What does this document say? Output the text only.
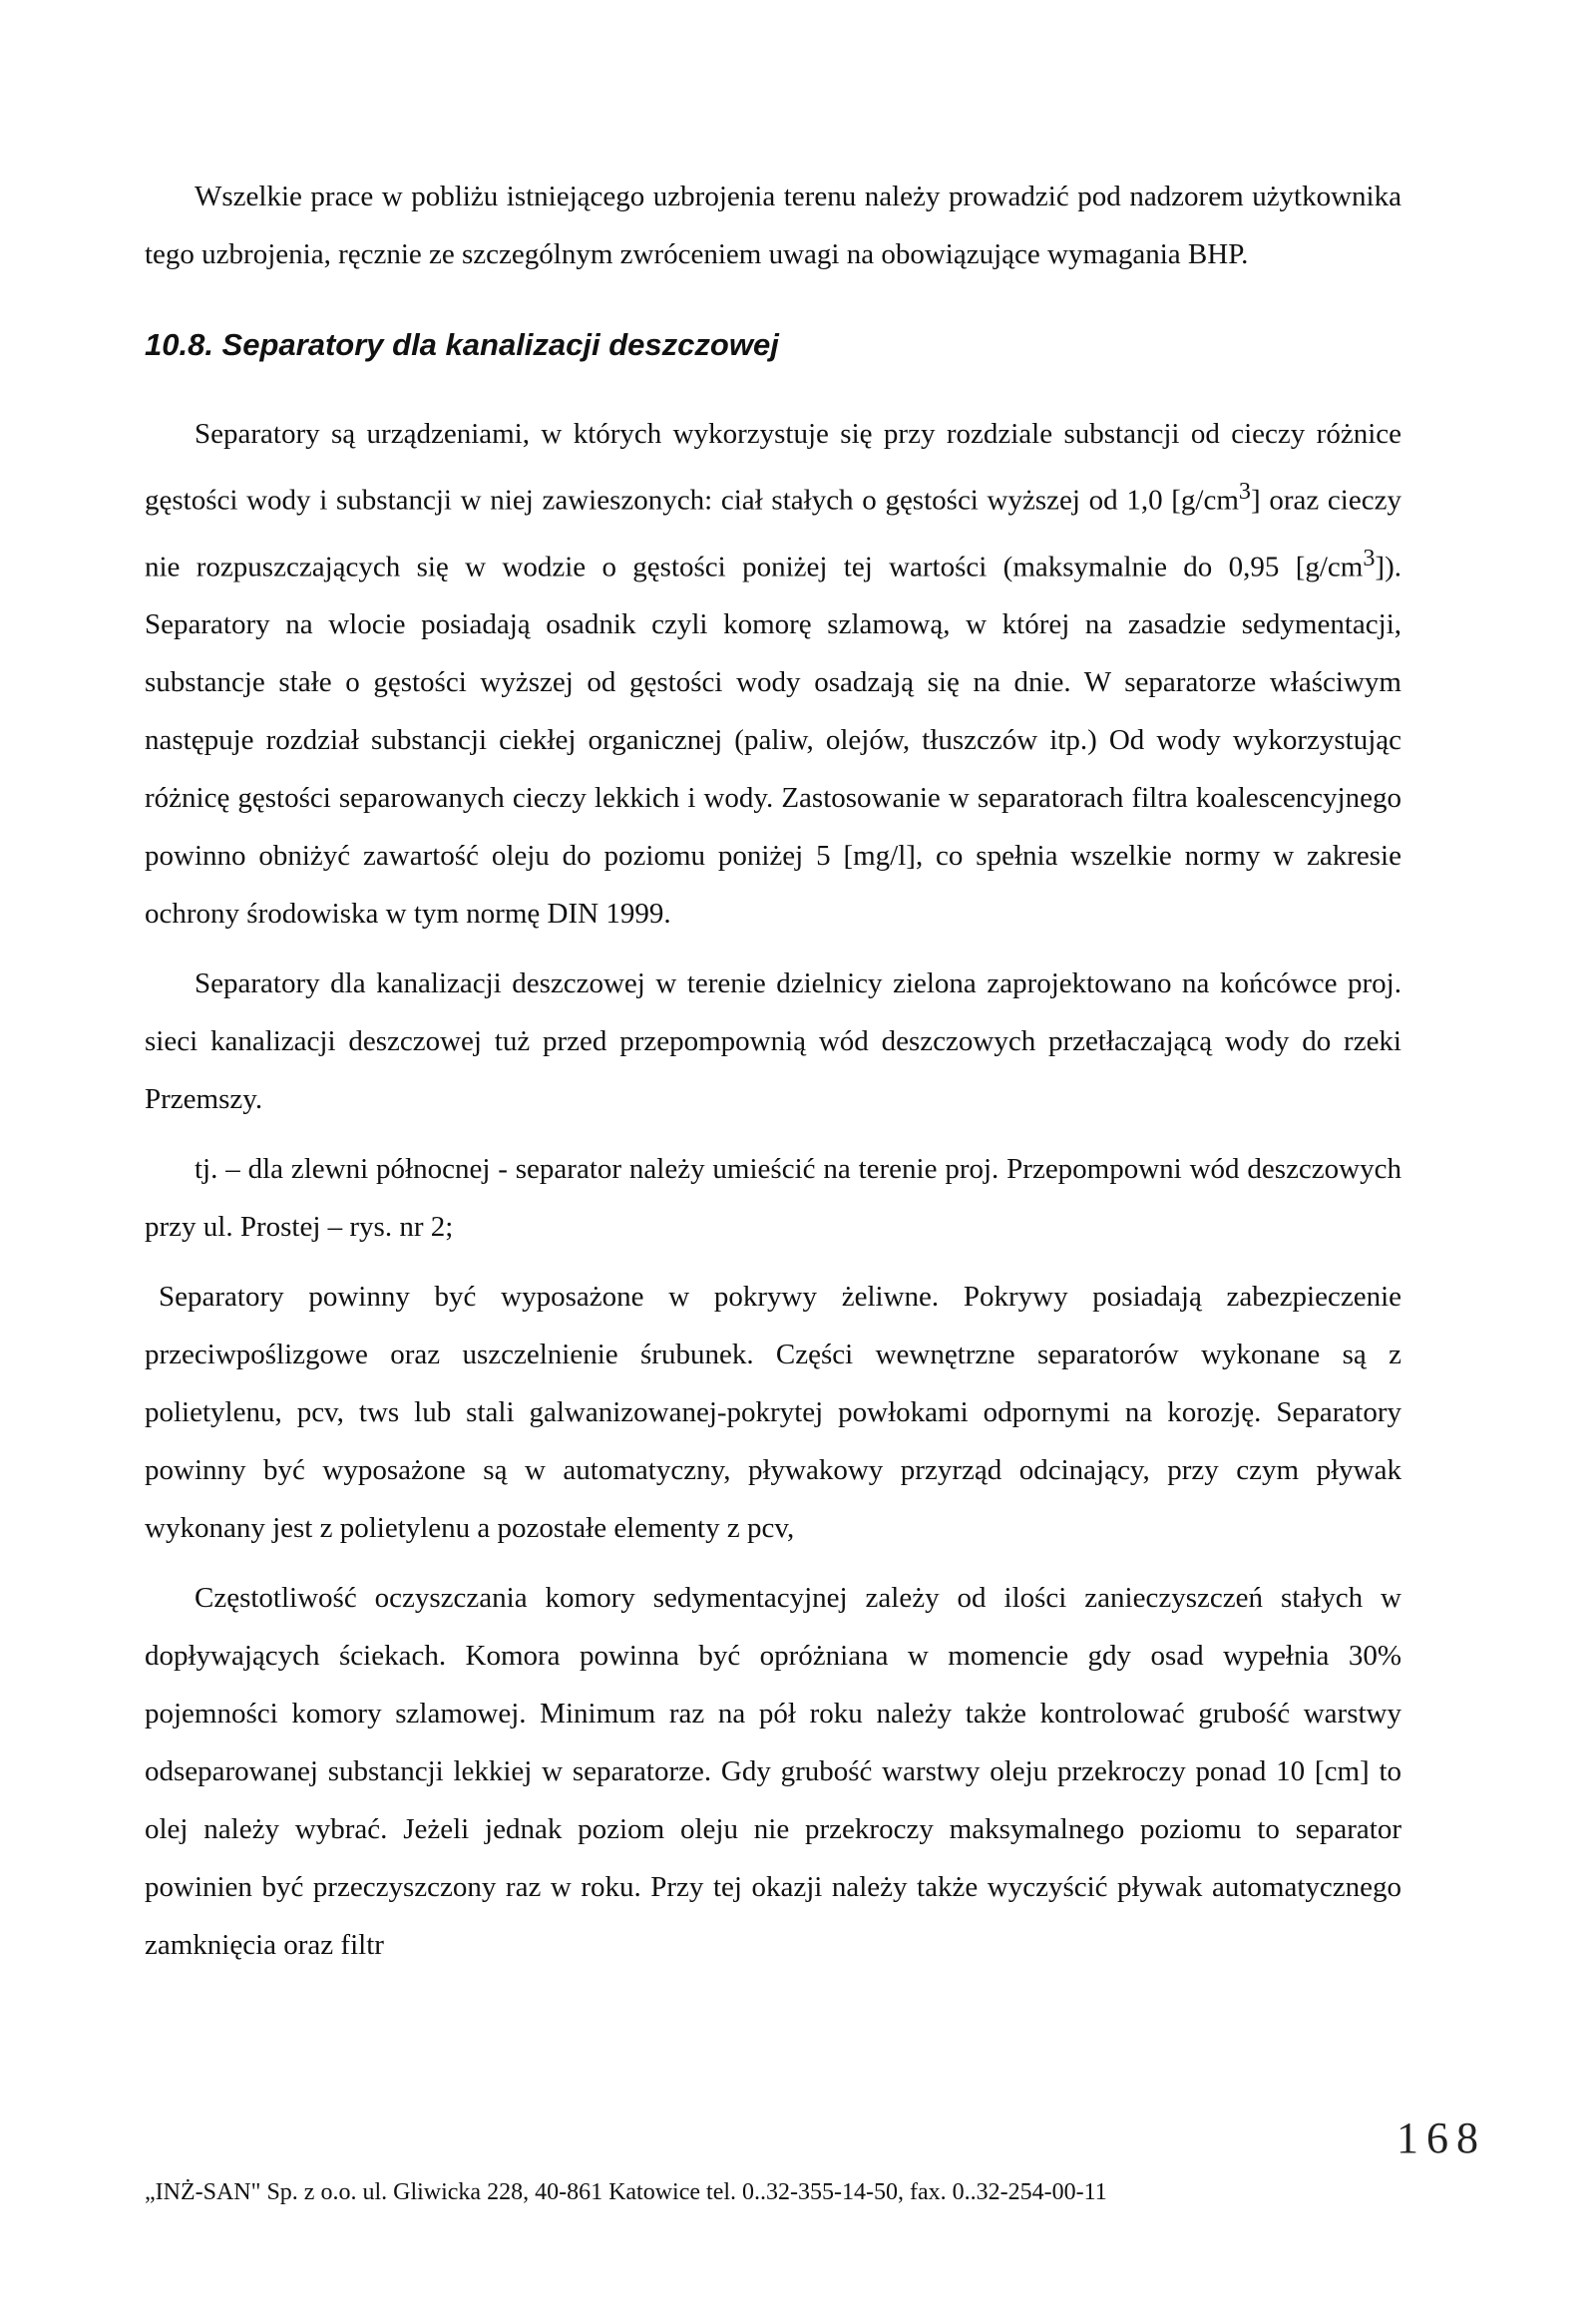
Wszelkie prace w pobliżu istniejącego uzbrojenia terenu należy prowadzić pod nadzorem użytkownika tego uzbrojenia, ręcznie ze szczególnym zwróceniem uwagi na obowiązujące wymagania BHP.

10.8. Separatory dla kanalizacji deszczowej

Separatory są urządzeniami, w których wykorzystuje się przy rozdziale substancji od cieczy różnice gęstości wody i substancji w niej zawieszonych: ciał stałych o gęstości wyższej od 1,0 $[g/cm^3]$ oraz cieczy nie rozpuszczających się w wodzie o gęstości poniżej tej wartości (maksymalnie do 0,95 $[g/cm^3]$). Separatory na wlocie posiadają osadnik czyli komorę szlamową, w której na zasadzie sedymentacji, substancje stałe o gęstości wyższej od gęstości wody osadzają się na dnie. W separatorze właściwym następuje rozdział substancji ciekłej organicznej (paliw, olejów, tłuszczów itp.) Od wody wykorzystując różnicę gęstości separowanych cieczy lekkich i wody. Zastosowanie w separatorach filtra koalescencyjnego powinno obniżyć zawartość oleju do poziomu poniżej 5 [mg/l], co spełnia wszelkie normy w zakresie ochrony środowiska w tym normę DIN 1999.

Separatory dla kanalizacji deszczowej w terenie dzielnicy zielona zaprojektowano na końcówce proj. sieci kanalizacji deszczowej tuż przed przepompownią wód deszczowych przetłaczającą wody do rzeki Przemszy.

tj. – dla zlewni północnej - separator należy umieścić na terenie proj. Przepompowni wód deszczowych przy ul. Prostej – rys. nr 2;

Separatory powinny być wyposażone w pokrywy żeliwne. Pokrywy posiadają zabezpieczenie przeciwpoślizgowe oraz uszczelnienie śrubunek. Części wewnętrzne separatorów wykonane są z polietylenu, pcv, tws lub stali galwanizowanej-pokrytej powłokami odpornymi na korozję. Separatory powinny być wyposażone są w automatyczny, pływakowy przyrząd odcinający, przy czym pływak wykonany jest z polietylenu a pozostałe elementy z pcv,

Częstotliwość oczyszczania komory sedymentacyjnej zależy od ilości zanieczyszczeń stałych w dopływających ściekach. Komora powinna być opróżniana w momencie gdy osad wypełnia 30% pojemności komory szlamowej. Minimum raz na pół roku należy także kontrolować grubość warstwy odseparowanej substancji lekkiej w separatorze. Gdy grubość warstwy oleju przekroczy ponad 10 [cm] to olej należy wybrać. Jeżeli jednak poziom oleju nie przekroczy maksymalnego poziomu to separator powinien być przeczyszczony raz w roku. Przy tej okazji należy także wyczyścić pływak automatycznego zamknięcia oraz filtr

168
„INŻ-SAN" Sp. z o.o. ul. Gliwicka 228, 40-861 Katowice tel. 0..32-355-14-50, fax. 0..32-254-00-11
